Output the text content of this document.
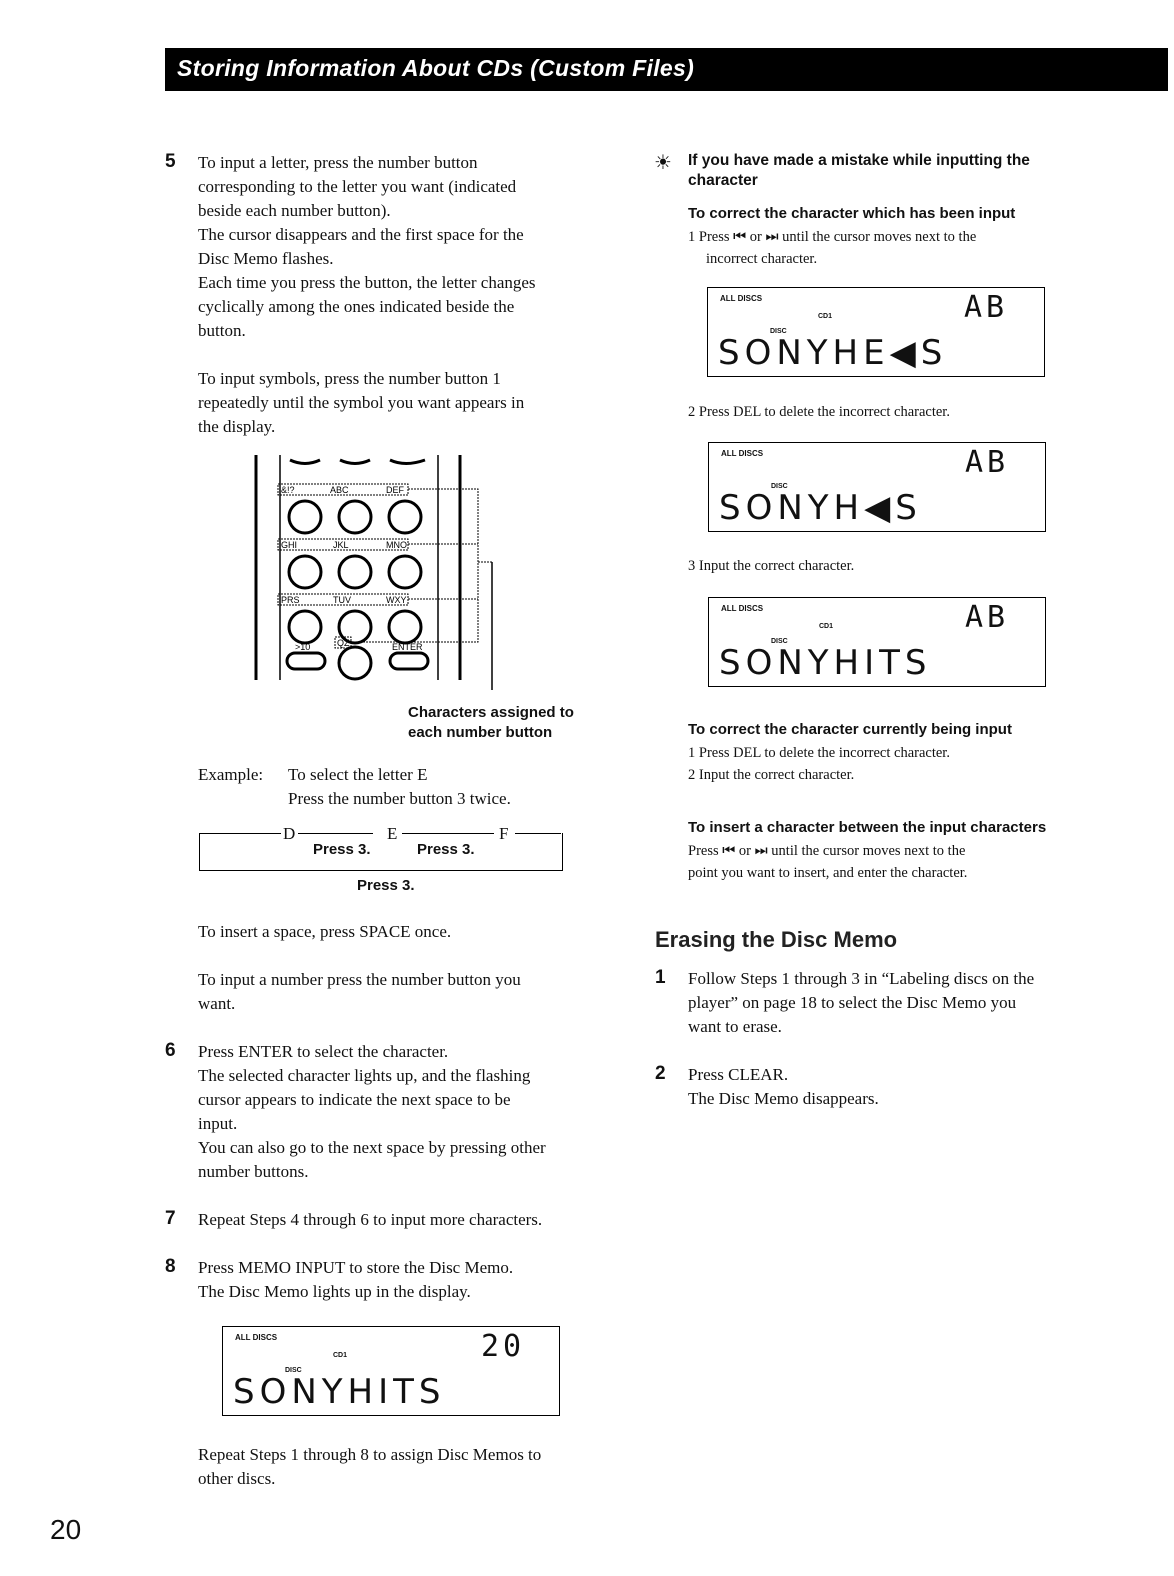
Storing Information About CDs (Custom Files)
5 To input a letter, press the number button
corresponding to the letter you want (indicated
beside each number button).
The cursor disappears and the first space for the
Disc Memo flashes.
Each time you press the button, the letter changes
cyclically among the ones indicated beside the
button.
To input symbols, press the number button 1
repeatedly until the symbol you want appears in
the display.
&!?	ABC	DEF
GHI	JKL	MNO
PRS	TUV	WXY
QZ
>10	ENTER
Characters assigned to
each number button
Example: To select the letter E
Press the number button 3 twice.
D	E	F
Press 3.	Press 3.
Press 3.
To insert a space, press SPACE once.
To input a number press the number button you
want.
6 Press ENTER to select the character.
The selected character lights up, and the flashing
cursor appears to indicate the next space to be
input.
You can also go to the next space by pressing other
number buttons.
7 Repeat Steps 4 through 6 to input more characters.
8 Press MEMO INPUT to store the Disc Memo.
The Disc Memo lights up in the display.
ALL DISCS
CD1
DISC
20
SONYHITS
Repeat Steps 1 through 8 to assign Disc Memos to
other discs.
☀ If you have made a mistake while inputting the
character
To correct the character which has been input
1 Press ⏮ or ⏭ until the cursor moves next to the
incorrect character.
ALL DISCS
CD1
DISC
AB
SONYHE◀S
2 Press DEL to delete the incorrect character.
ALL DISCS
DISC
AB
SONYH◀S
3 Input the correct character.
ALL DISCS
CD1
DISC
AB
SONYHITS
To correct the character currently being input
1 Press DEL to delete the incorrect character.
2 Input the correct character.
To insert a character between the input characters
Press ⏮ or ⏭ until the cursor moves next to the
point you want to insert, and enter the character.
Erasing the Disc Memo
1 Follow Steps 1 through 3 in “Labeling discs on the
player” on page 18 to select the Disc Memo you
want to erase.
2 Press CLEAR.
The Disc Memo disappears.
20
